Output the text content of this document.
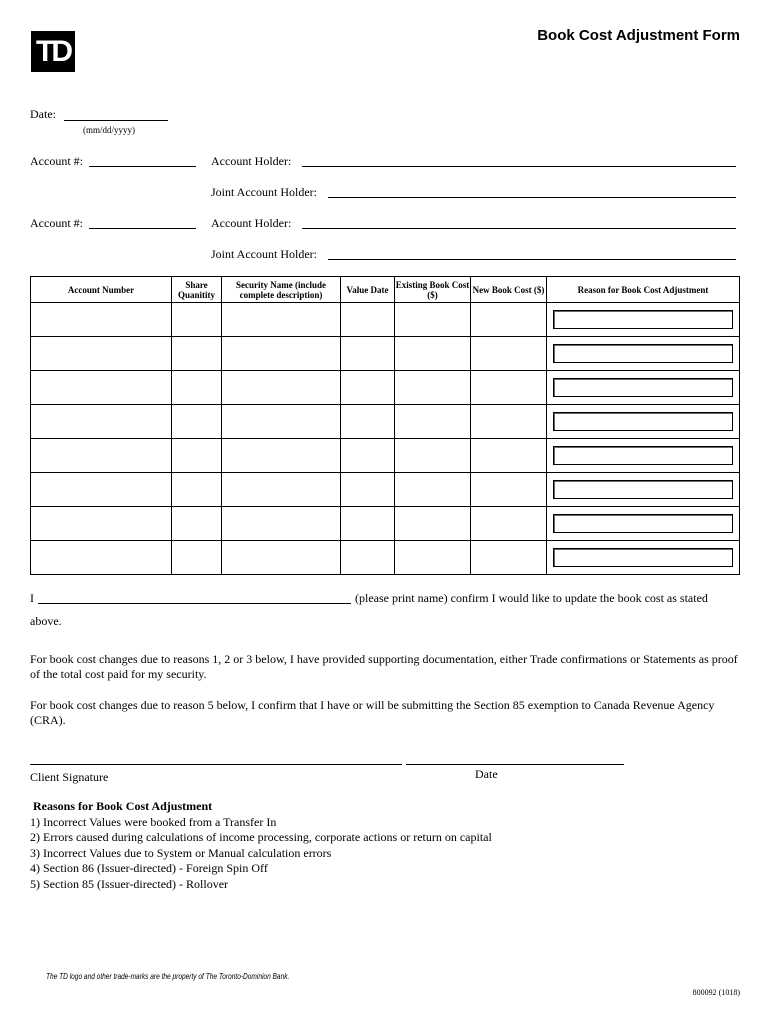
TD	Book Cost Adjustment Form
Date:
(mm/dd/yyyy)
Account #:	Account Holder:
Joint Account Holder:
Account #:	Account Holder:
Joint Account Holder:
Account Number	Share Quanitity	Security Name (include complete description)	Value Date	Existing Book Cost ($)	New Book Cost ($)	Reason for Book Cost Adjustment

I	(please print name) confirm I would like to update the book cost as stated
above.
For book cost changes due to reasons 1, 2 or 3 below, I have provided supporting documentation, either Trade confirmations or Statements as proof of the total cost paid for my security.
For book cost changes due to reason 5 below, I confirm that I have or will be submitting the Section 85 exemption to Canada Revenue Agency (CRA).
Client Signature	Date
Reasons for Book Cost Adjustment
1) Incorrect Values were booked from a Transfer In
2) Errors caused during calculations of income processing, corporate actions or return on capital
3) Incorrect Values due to System or Manual calculation errors
4) Section 86 (Issuer-directed) - Foreign Spin Off
5) Section 85 (Issuer-directed) - Rollover
The TD logo and other trade-marks are the property of The Toronto-Dominion Bank.
800092 (1018)
